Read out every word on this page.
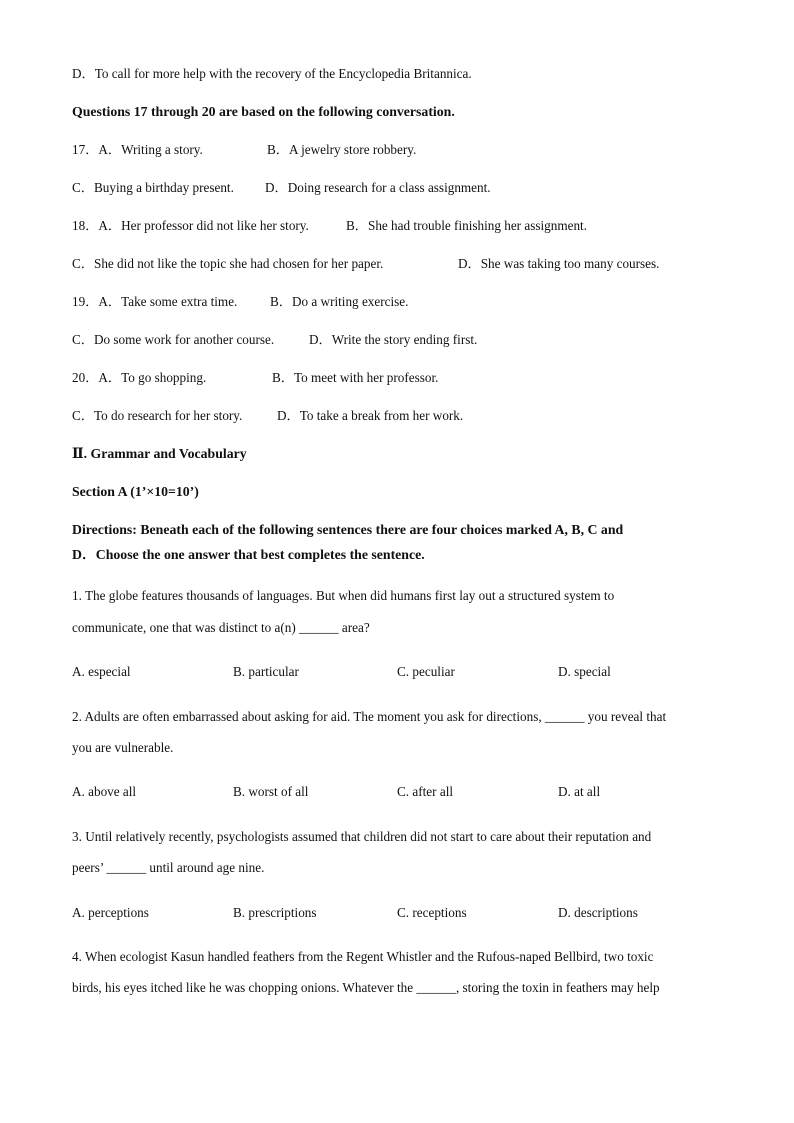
D．To call for more help with the recovery of the Encyclopedia Britannica.
Questions 17 through 20 are based on the following conversation.
17．A．Writing a story.	B．A jewelry store robbery.
C．Buying a birthday present. D．Doing research for a class assignment.
18．A．Her professor did not like her story.	B．She had trouble finishing her assignment.
C．She did not like the topic she had chosen for her paper.	D．She was taking too many courses.
19．A．Take some extra time. B．Do a writing exercise.
C．Do some work for another course.	D．Write the story ending first.
20．A．To go shopping.	B．To meet with her professor.
C．To do research for her story.	D．To take a break from her work.
Ⅱ. Grammar and Vocabulary
Section A (1’×10=10’)
Directions: Beneath each of the following sentences there are four choices marked A, B, C and
D．Choose the one answer that best completes the sentence.
1. The globe features thousands of languages. But when did humans first lay out a structured system to
communicate, one that was distinct to a(n) ______ area?
A. especial	B. particular	C. peculiar	D. special
2. Adults are often embarrassed about asking for aid. The moment you ask for directions, ______ you reveal that
you are vulnerable.
A. above all	B. worst of all	C. after all	D. at all
3. Until relatively recently, psychologists assumed that children did not start to care about their reputation and
peers’ ______ until around age nine.
A. perceptions	B. prescriptions	C. receptions	D. descriptions
4. When ecologist Kasun handled feathers from the Regent Whistler and the Rufous-naped Bellbird, two toxic
birds, his eyes itched like he was chopping onions. Whatever the ______, storing the toxin in feathers may help
